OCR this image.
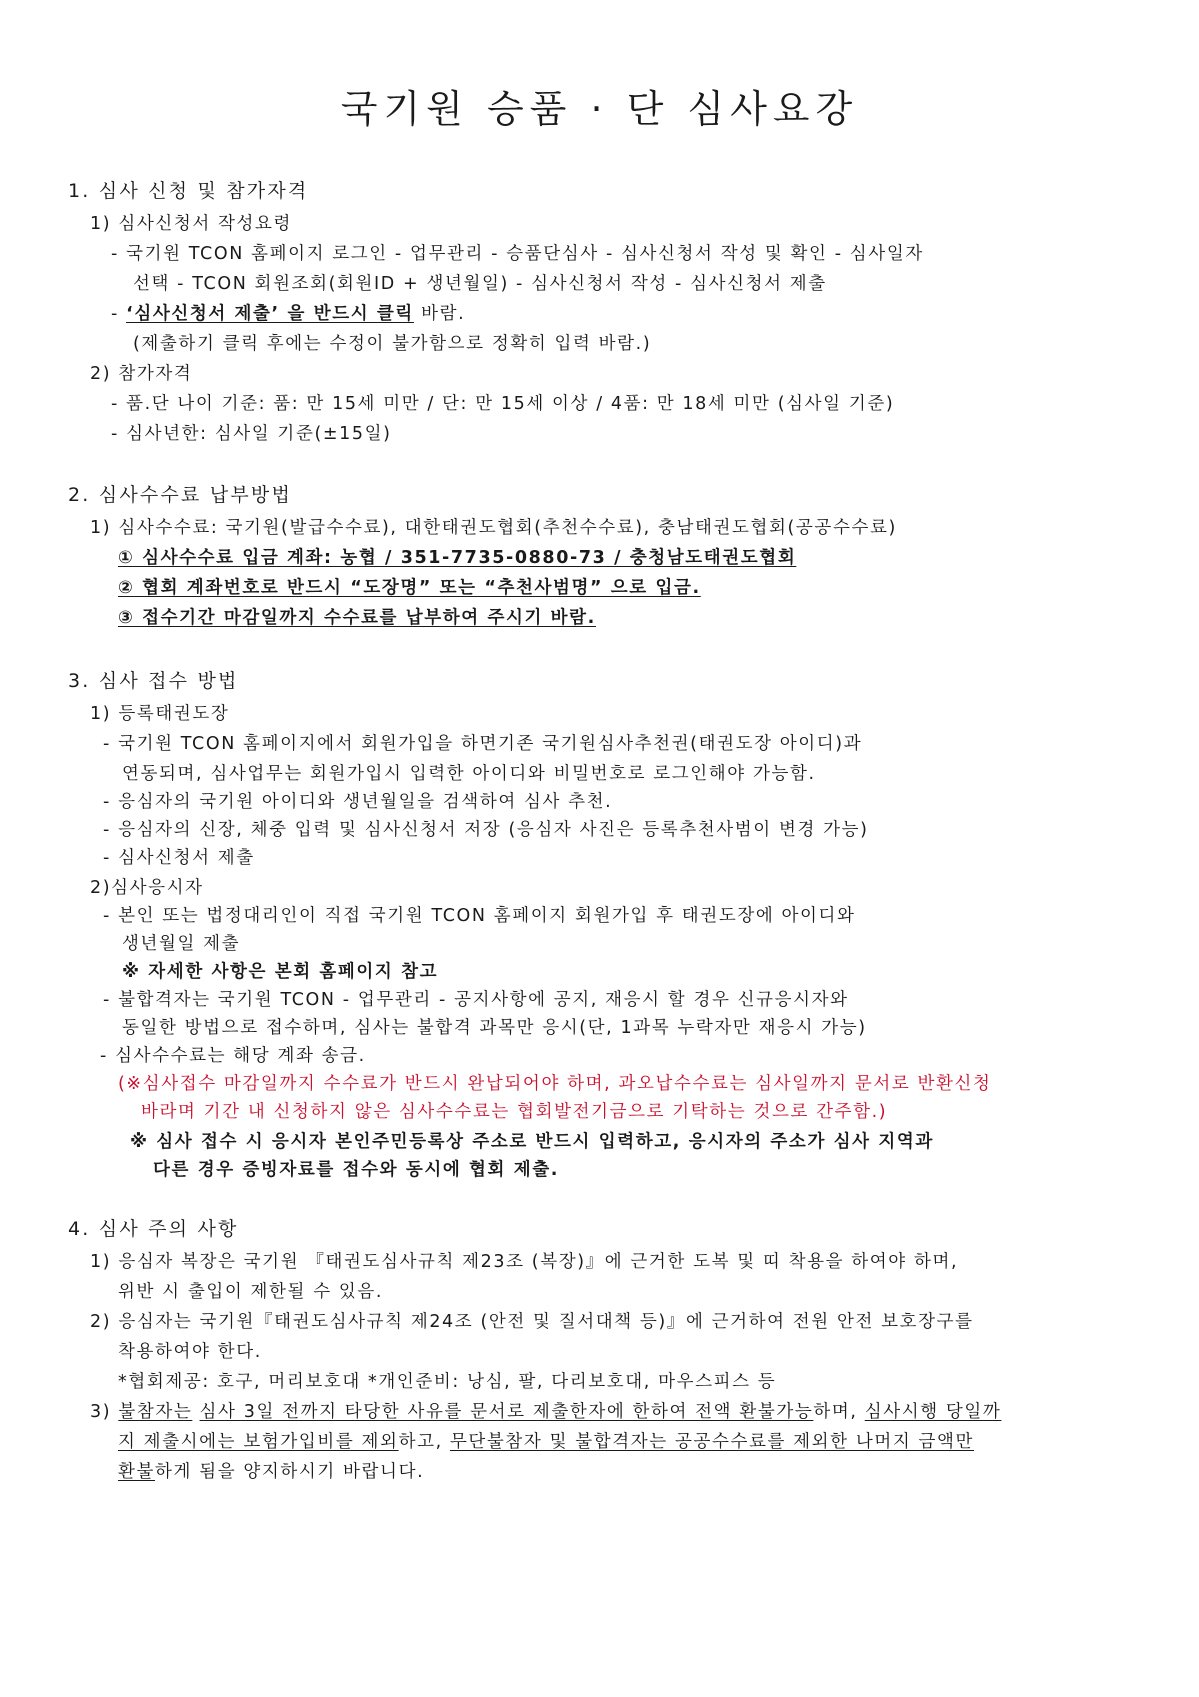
국기원 승품 · 단 심사요강
1. 심사 신청 및 참가자격
1) 심사신청서 작성요령
- 국기원 TCON 홈페이지 로그인 - 업무관리 - 승품단심사 - 심사신청서 작성 및 확인 - 심사일자
선택 - TCON 회원조회(회원ID + 생년월일) - 심사신청서 작성 - 심사신청서 제출
- ‘심사신청서 제출’ 을 반드시 클릭 바람.
(제출하기 클릭 후에는 수정이 불가함으로 정확히 입력 바람.)
2) 참가자격
- 품.단 나이 기준: 품: 만 15세 미만 / 단: 만 15세 이상 / 4품: 만 18세 미만 (심사일 기준)
- 심사년한: 심사일 기준(±15일)
2. 심사수수료 납부방법
1) 심사수수료: 국기원(발급수수료), 대한태권도협회(추천수수료), 충남태권도협회(공공수수료)
① 심사수수료 입금 계좌: 농협 / 351-7735-0880-73 / 충청남도태권도협회
② 협회 계좌번호로 반드시 “도장명” 또는 “추천사범명” 으로 입금.
③ 접수기간 마감일까지 수수료를 납부하여 주시기 바람.
3. 심사 접수 방법
1) 등록태권도장
- 국기원 TCON 홈페이지에서 회원가입을 하면기존 국기원심사추천권(태권도장 아이디)과
연동되며, 심사업무는 회원가입시 입력한 아이디와 비밀번호로 로그인해야 가능함.
- 응심자의 국기원 아이디와 생년월일을 검색하여 심사 추천.
- 응심자의 신장, 체중 입력 및 심사신청서 저장 (응심자 사진은 등록추천사범이 변경 가능)
- 심사신청서 제출
2)심사응시자
- 본인 또는 법정대리인이 직접 국기원 TCON 홈페이지 회원가입 후 태권도장에 아이디와
생년월일 제출
※ 자세한 사항은 본회 홈페이지 참고
- 불합격자는 국기원 TCON - 업무관리 - 공지사항에 공지, 재응시 할 경우 신규응시자와
동일한 방법으로 접수하며, 심사는 불합격 과목만 응시(단, 1과목 누락자만 재응시 가능)
- 심사수수료는 해당 계좌 송금.
(※심사접수 마감일까지 수수료가 반드시 완납되어야 하며, 과오납수수료는 심사일까지 문서로 반환신청
바라며 기간 내 신청하지 않은 심사수수료는 협회발전기금으로 기탁하는 것으로 간주함.)
※ 심사 접수 시 응시자 본인주민등록상 주소로 반드시 입력하고, 응시자의 주소가 심사 지역과
다른 경우 증빙자료를 접수와 동시에 협회 제출.
4. 심사 주의 사항
1) 응심자 복장은 국기원 『태권도심사규칙 제23조 (복장)』에 근거한 도복 및 띠 착용을 하여야 하며,
위반 시 출입이 제한될 수 있음.
2) 응심자는 국기원『태권도심사규칙 제24조 (안전 및 질서대책 등)』에 근거하여 전원 안전 보호장구를
착용하여야 한다.
*협회제공: 호구, 머리보호대 *개인준비: 낭심, 팔, 다리보호대, 마우스피스 등
3) 불참자는 심사 3일 전까지 타당한 사유를 문서로 제출한자에 한하여 전액 환불가능하며, 심사시행 당일까
지 제출시에는 보험가입비를 제외하고, 무단불참자 및 불합격자는 공공수수료를 제외한 나머지 금액만
환불하게 됨을 양지하시기 바랍니다.
